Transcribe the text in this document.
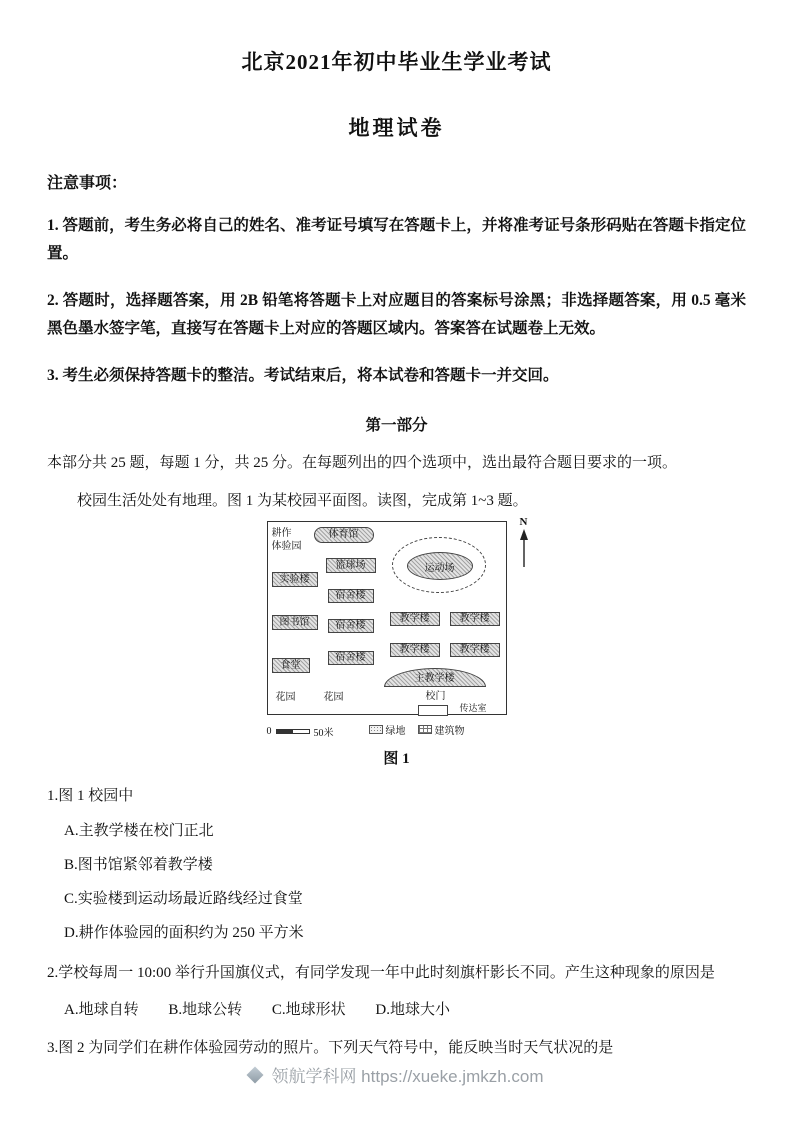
北京2021年初中毕业生学业考试
地理试卷
注意事项：

1. 答题前，考生务必将自己的姓名、准考证号填写在答题卡上，并将准考证号条形码贴在答题卡指定位置。

2. 答题时，选择题答案，用 2B 铅笔将答题卡上对应题目的答案标号涂黑；非选择题答案，用 0.5 毫米黑色墨水签字笔，直接写在答题卡上对应的答题区域内。答案答在试题卷上无效。

3. 考生必须保持答题卡的整洁。考试结束后，将本试卷和答题卡一并交回。

第一部分

本部分共 25 题，每题 1 分，共 25 分。在每题列出的四个选项中，选出最符合题目要求的一项。

校园生活处处有地理。图 1 为某校园平面图。读图，完成第 1~3 题。

耕作
体验园
体育馆
运动场
实验楼
篮球场
宿舍楼
图书馆	宿舍楼
教学楼	教学楼
食堂
宿舍楼
教学楼	教学楼
主教学楼
花园	花园	校门
传达室
N
0	50米	绿地	建筑物
图 1

1.图 1 校园中

A.主教学楼在校门正北

B.图书馆紧邻着教学楼

C.实验楼到运动场最近路线经过食堂

D.耕作体验园的面积约为 250 平方米

2.学校每周一 10:00 举行升国旗仪式，有同学发现一年中此时刻旗杆影长不同。产生这种现象的原因是

A.地球自转 B.地球公转 C.地球形状 D.地球大小

3.图 2 为同学们在耕作体验园劳动的照片。下列天气符号中，能反映当时天气状况的是

领航学科网 https://xueke.jmkzh.com
